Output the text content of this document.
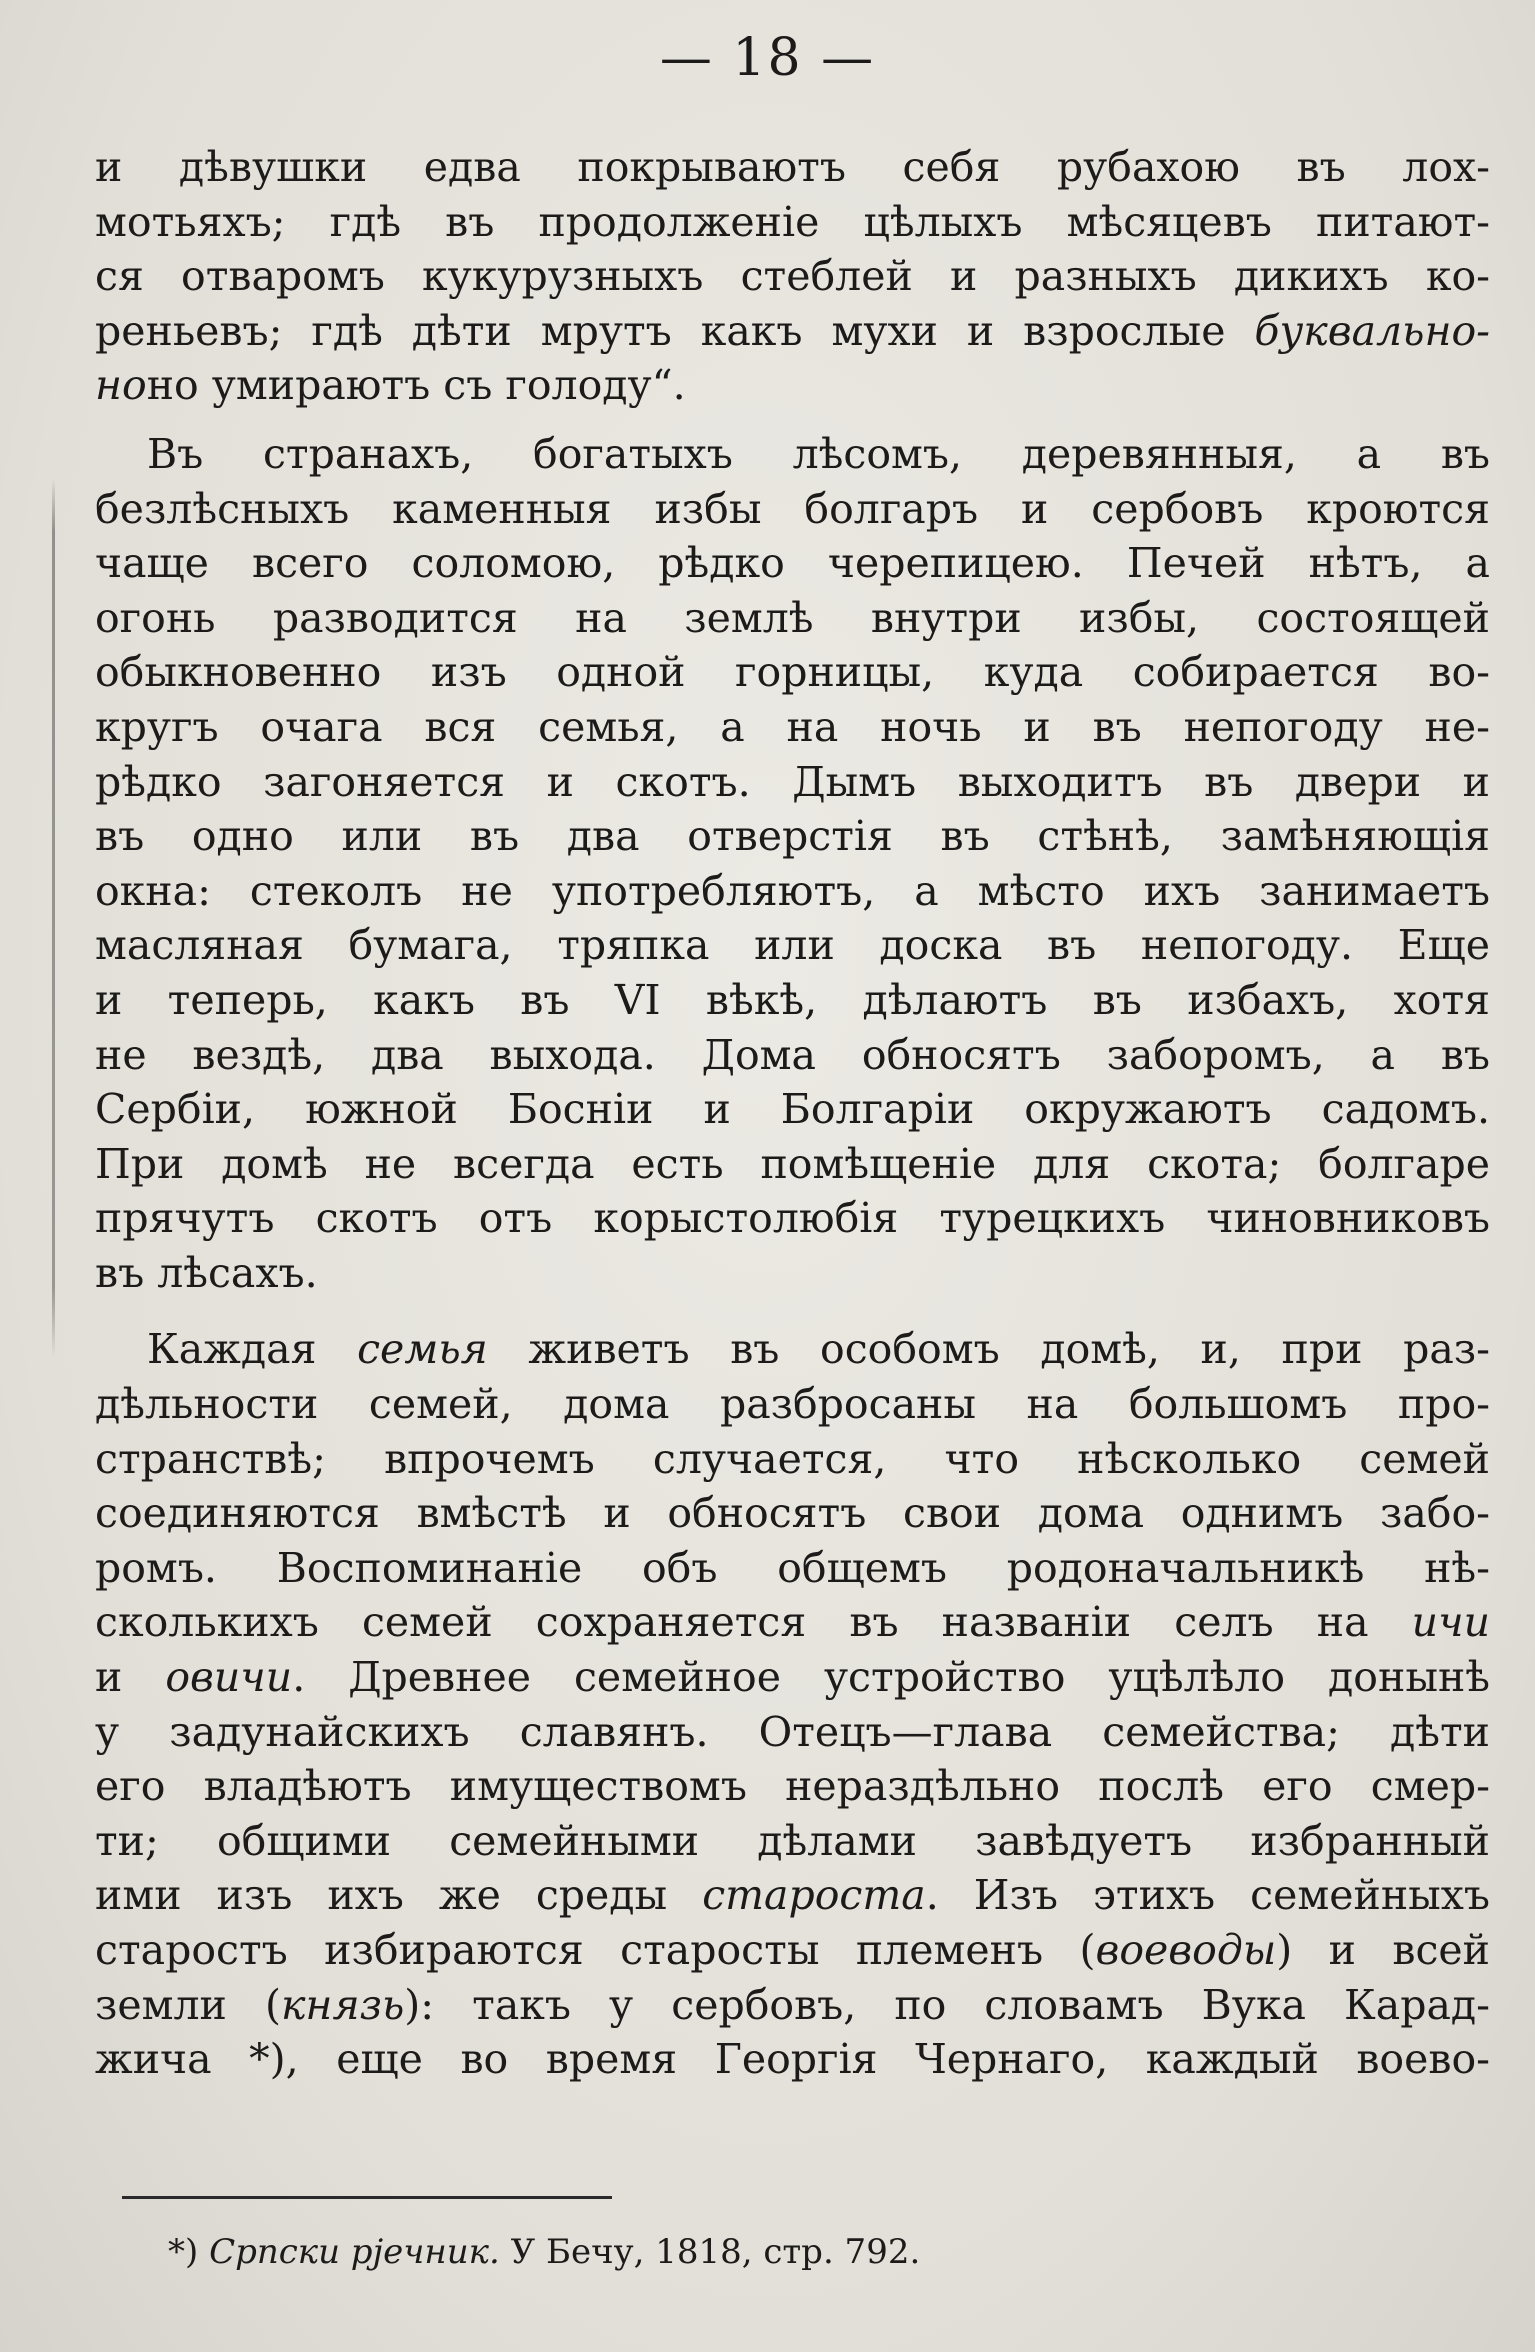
— 18 —
и дѣвушки едва покрываютъ себя рубахою въ лох-
мотьяхъ; гдѣ въ продолженіе цѣлыхъ мѣсяцевъ питают-
ся отваромъ кукурузныхъ стеблей и разныхъ дикихъ ко-
реньевъ; гдѣ дѣти мрутъ какъ мухи и взрослые буквально-
ноно умираютъ съ голоду“.
Въ странахъ, богатыхъ лѣсомъ, деревянныя, а въ
безлѣсныхъ каменныя избы болгаръ и сербовъ кроются
чаще всего соломою, рѣдко черепицею. Печей нѣтъ, а
огонь разводится на землѣ внутри избы, состоящей
обыкновенно изъ одной горницы, куда собирается во-
кругъ очага вся семья, а на ночь и въ непогоду не-
рѣдко загоняется и скотъ. Дымъ выходитъ въ двери и
въ одно или въ два отверстія въ стѣнѣ, замѣняющія
окна: стеколъ не употребляютъ, а мѣсто ихъ занимаетъ
масляная бумага, тряпка или доска въ непогоду. Еще
и теперь, какъ въ VI вѣкѣ, дѣлаютъ въ избахъ, хотя
не вездѣ, два выхода. Дома обносятъ заборомъ, а въ
Сербіи, южной Босніи и Болгаріи окружаютъ садомъ.
При домѣ не всегда есть помѣщеніе для скота; болгаре
прячутъ скотъ отъ корыстолюбія турецкихъ чиновниковъ
въ лѣсахъ.
Каждая семья живетъ въ особомъ домѣ, и, при раз-
дѣльности семей, дома разбросаны на большомъ про-
странствѣ; впрочемъ случается, что нѣсколько семей
соединяются вмѣстѣ и обносятъ свои дома однимъ забо-
ромъ. Воспоминаніе объ общемъ родоначальникѣ нѣ-
сколькихъ семей сохраняется въ названіи селъ на ичи
и овичи. Древнее семейное устройство уцѣлѣло донынѣ
у задунайскихъ славянъ. Отецъ—глава семейства; дѣти
его владѣютъ имуществомъ нераздѣльно послѣ его смер-
ти; общими семейными дѣлами завѣдуетъ избранный
ими изъ ихъ же среды староста. Изъ этихъ семейныхъ
старостъ избираются старосты племенъ (воеводы) и всей
земли (князь): такъ у сербовъ, по словамъ Вука Карад-
жича *), еще во время Георгія Чернаго, каждый воево-
*) Српски рјечник. У Бечу, 1818, стр. 792.
